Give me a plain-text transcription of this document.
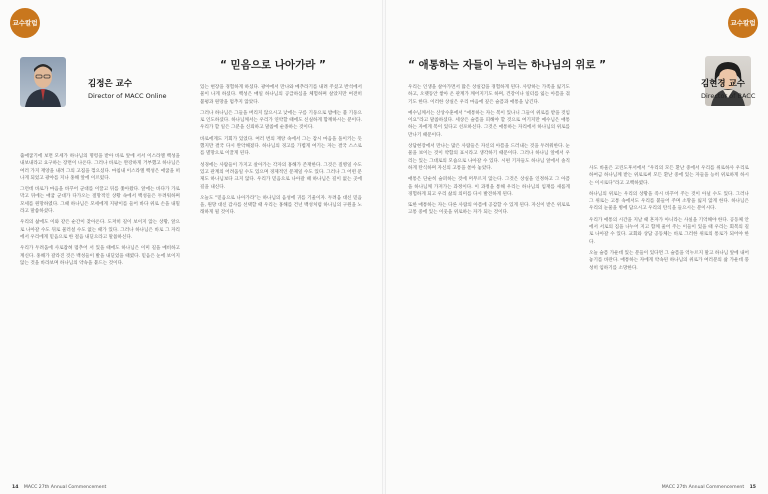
교수칼럼
김정은 교수
Director of MACC Online
“ 믿음으로 나아가라 ”

출애굽기에 보면 모세가 하나님의 명령을 받아 바로 앞에 서서 이스라엘 백성을 내보내라고 요구하는 장면이 나온다. 그러나 바로는 완강하게 거부했고 하나님은 여러 가지 재앙을 내려 그의 고집을 꺾으셨다. 마침내 이스라엘 백성은 애굽을 떠나게 되었고 광야를 지나 홍해 앞에 이르렀다.

그런데 바로가 마음을 바꾸어 군대를 이끌고 뒤를 쫓아왔다. 앞에는 바다가 가로막고 뒤에는 애굽 군대가 다가오는 절망적인 상황 속에서 백성들은 두려워하며 모세를 원망하였다. 그때 하나님은 모세에게 지팡이를 들어 바다 위로 손을 내밀라고 말씀하셨다.

우리의 삶에도 이와 같은 순간이 찾아온다. 도저히 길이 보이지 않는 상황, 앞으로 나아갈 수도 뒤로 물러설 수도 없는 때가 있다. 그러나 하나님은 바로 그 자리에서 우리에게 믿음으로 한 걸음 내딛으라고 말씀하신다.

우리가 두려움에 사로잡혀 멈추어 서 있을 때에도 하나님은 이미 길을 예비하고 계신다. 홍해가 갈라진 것은 백성들이 발을 내딛었을 때였다. 믿음은 눈에 보이지 않는 것을 바라보며 하나님의 약속을 붙드는 것이다.

있는 현장을 경험하게 하셨다. 광야에서 만나와 메추라기를 내려 주셨고 반석에서 물이 나게 하셨다. 백성은 매일 하나님의 공급하심을 체험하며 살았지만 여전히 불평과 원망을 멈추지 않았다.

그러나 하나님은 그들을 버리지 않으시고 낮에는 구름 기둥으로 밤에는 불 기둥으로 인도하셨다. 하나님께서는 우리가 연약할 때에도 신실하게 함께하시는 분이다. 우리가 할 일은 그분을 신뢰하고 말씀에 순종하는 것이다.

바로에게도 기회가 있었다. 여러 번의 재앙 속에서 그는 잠시 마음을 돌이키는 듯했지만 결국 다시 완악해졌다. 하나님의 경고를 가볍게 여기는 자는 결국 스스로를 멸망으로 이끌게 된다.

성경에는 사람들이 가지고 살아가는 각자의 홍해가 존재한다. 그것은 질병일 수도 있고 관계의 어려움일 수도 있으며 경제적인 문제일 수도 있다. 그러나 그 어떤 문제도 하나님보다 크지 않다. 우리가 믿음으로 나아갈 때 하나님은 길이 없는 곳에 길을 내신다.

오늘도 “믿음으로 나아가라”는 하나님의 음성에 귀를 기울이자. 두려움 대신 믿음을, 원망 대신 감사를 선택할 때 우리는 홍해를 건넌 백성처럼 하나님의 구원을 노래하게 될 것이다.

14 MACC 27th Annual Commencement
교수칼럼
“ 애통하는 자들이 누리는 하나님의 위로 ”
김현경 교수
Director of BACC

우리는 인생을 살아가면서 많은 상실감을 경험하게 된다. 사랑하는 가족을 잃기도 하고, 오랫동안 쌓아 온 관계가 깨어지기도 하며, 건강이나 일터를 잃는 아픔을 겪기도 한다. 이러한 상실은 우리 마음에 깊은 슬픔과 애통을 남긴다.

예수님께서는 산상수훈에서 “애통하는 자는 복이 있나니 그들이 위로를 받을 것임이요”라고 말씀하셨다. 세상은 슬픔을 피해야 할 것으로 여기지만 예수님은 애통하는 자에게 복이 있다고 선포하신다. 그것은 애통하는 자리에서 하나님의 위로를 만나기 때문이다.

상담현장에서 만나는 많은 사람들은 자신의 아픔을 드러내는 것을 두려워한다. 눈물을 보이는 것이 약함의 표시라고 생각하기 때문이다. 그러나 하나님 앞에서 우리는 있는 그대로의 모습으로 나아갈 수 있다. 시편 기자들도 하나님 앞에서 솔직하게 탄식하며 자신의 고통을 쏟아 놓았다.

애통은 단순히 슬퍼하는 것에 머무르지 않는다. 그것은 상실을 인정하고 그 아픔을 하나님께 가져가는 과정이다. 이 과정을 통해 우리는 하나님의 임재를 새롭게 경험하게 되고 우리 삶의 의미를 다시 발견하게 된다.

또한 애통하는 자는 다른 사람의 아픔에 공감할 수 있게 된다. 자신이 받은 위로로 고통 중에 있는 이웃을 위로하는 자가 되는 것이다.

사도 바울은 고린도후서에서 “우리의 모든 환난 중에서 우리를 위로하사 우리로 하여금 하나님께 받는 위로로써 모든 환난 중에 있는 자들을 능히 위로하게 하시는 이시로다”라고 고백하였다.

하나님의 위로는 우리의 상황을 즉시 바꾸어 주는 것이 아닐 수도 있다. 그러나 그 위로는 고통 속에서도 우리를 붙들어 주며 소망을 잃지 않게 한다. 하나님은 우리의 눈물을 병에 담으시고 우리의 탄식을 들으시는 분이시다.

우리가 애통의 시간을 지날 때 혼자가 아니라는 사실을 기억해야 한다. 공동체 안에서 서로의 짐을 나누어 지고 함께 울어 주는 이들이 있을 때 우리는 회복의 길로 나아갈 수 있다. 교회와 상담 공동체는 바로 그러한 위로의 통로가 되어야 한다.

오늘 슬픔 가운데 있는 분들이 있다면 그 슬픔을 억누르지 말고 하나님 앞에 내어놓기를 바란다. 애통하는 자에게 약속된 하나님의 위로가 여러분의 삶 가운데 풍성히 임하기를 소망한다.

MACC 27th Annual Commencement 15
